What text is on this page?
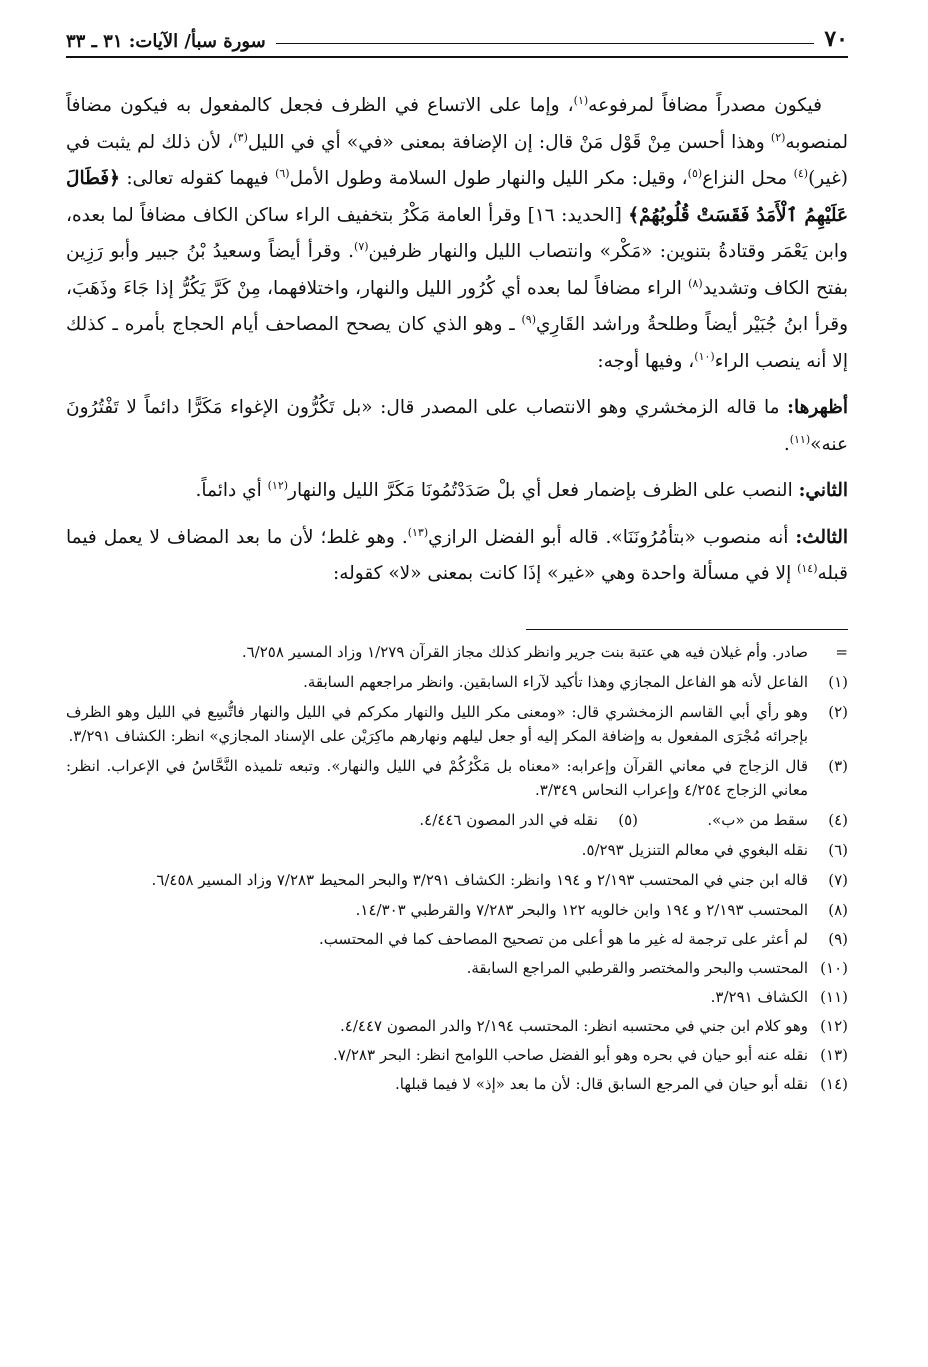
٧٠
سورة سبأ/ الآيات: ٣١ ـ ٣٣

فيكون مصدراً مضافاً لمرفوعه$^{(١)}$، وإما على الاتساع في الظرف فجعل كالمفعول به فيكون مضافاً لمنصوبه$^{(٢)}$ وهذا أحسن مِنْ قَوْل مَنْ قال: إن الإضافة بمعنى «في» أي في الليل$^{(٣)}$، لأن ذلك لم يثبت في (غير)$^{(٤)}$ محل النزاع$^{(٥)}$، وقيل: مكر الليل والنهار طول السلامة وطول الأمل$^{(٦)}$ فيهما كقوله تعالى: ﴿فَطَالَ عَلَيْهِمُ ٱلْأَمَدُ فَقَسَتْ قُلُوبُهُمْ﴾ [الحديد: ١٦] وقرأ العامة مَكْرُ بتخفيف الراء ساكن الكاف مضافاً لما بعده، وابن يَعْمَر وقتادةُ بتنوين: «مَكْر» وانتصاب الليل والنهار ظرفين$^{(٧)}$. وقرأ أيضاً وسعيدُ بْنُ جبير وأبو رَزِين بفتح الكاف وتشديد$^{(٨)}$ الراء مضافاً لما بعده أي كُرُور الليل والنهار، واختلافهما، مِنْ كَرَّ يَكُرُّ إذا جَاءَ وذَهَبَ، وقرأ ابنُ جُبَيْر أيضاً وطلحةُ وراشد القَارِي$^{(٩)}$ ـ وهو الذي كان يصحح المصاحف أيام الحجاج بأمره ـ كذلك إلا أنه ينصب الراء$^{(١٠)}$، وفيها أوجه:

أظهرها: ما قاله الزمخشري وهو الانتصاب على المصدر قال: «بل تَكُرُّون الإغواء مَكَرًّا دائماً لا تَفْتُرُونَ عنه»$^{(١١)}$.

الثاني: النصب على الظرف بإضمار فعل أي بلْ صَدَدْتُمُونَا مَكَرَّ الليل والنهار$^{(١٢)}$ أي دائماً.

الثالث: أنه منصوب «بتأمُرُونَنَا». قاله أبو الفضل الرازي$^{(١٣)}$. وهو غلط؛ لأن ما بعد المضاف لا يعمل فيما قبله$^{(١٤)}$ إلا في مسألة واحدة وهي «غير» إذَا كانت بمعنى «لا» كقوله:

=
صادر. وأم غيلان فيه هي عتبة بنت جرير وانظر كذلك مجاز القرآن ١/٢٧٩ وزاد المسير ٦/٢٥٨.
(١)
الفاعل لأنه هو الفاعل المجازي وهذا تأكيد لآراء السابقين. وانظر مراجعهم السابقة.
(٢)
وهو رأي أبي القاسم الزمخشري قال: «ومعنى مكر الليل والنهار مكركم في الليل والنهار فاتُّسِع في الليل وهو الظرف بإجرائه مُجْرَى المفعول به وإضافة المكر إليه أو جعل ليلهم ونهارهم ماكِرَيْن على الإسناد المجازي» انظر: الكشاف ٣/٢٩١.
(٣)
قال الزجاج في معاني القرآن وإعرابه: «معناه بل مَكْرُكُمْ في الليل والنهار». وتبعه تلميذه النَّحَّاسُ في الإعراب. انظر: معاني الزجاج ٤/٢٥٤ وإعراب النحاس ٣/٣٤٩.
(٤)
سقط من «ب».
(٥)
نقله في الدر المصون ٤/٤٤٦.
(٦)
نقله البغوي في معالم التنزيل ٥/٢٩٣.
(٧)
قاله ابن جني في المحتسب ٢/١٩٣ و ١٩٤ وانظر: الكشاف ٣/٢٩١ والبحر المحيط ٧/٢٨٣ وزاد المسير ٦/٤٥٨.
(٨)
المحتسب ٢/١٩٣ و ١٩٤ وابن خالويه ١٢٢ والبحر ٧/٢٨٣ والقرطبي ١٤/٣٠٣.
(٩)
لم أعثر على ترجمة له غير ما هو أعلى من تصحيح المصاحف كما في المحتسب.
(١٠)
المحتسب والبحر والمختصر والقرطبي المراجع السابقة.
(١١)
الكشاف ٣/٢٩١.
(١٢)
وهو كلام ابن جني في محتسبه انظر: المحتسب ٢/١٩٤ والدر المصون ٤/٤٤٧.
(١٣)
نقله عنه أبو حيان في بحره وهو أبو الفضل صاحب اللوامح انظر: البحر ٧/٢٨٣.
(١٤)
نقله أبو حيان في المرجع السابق قال: لأن ما بعد «إذ» لا فيما قبلها.
